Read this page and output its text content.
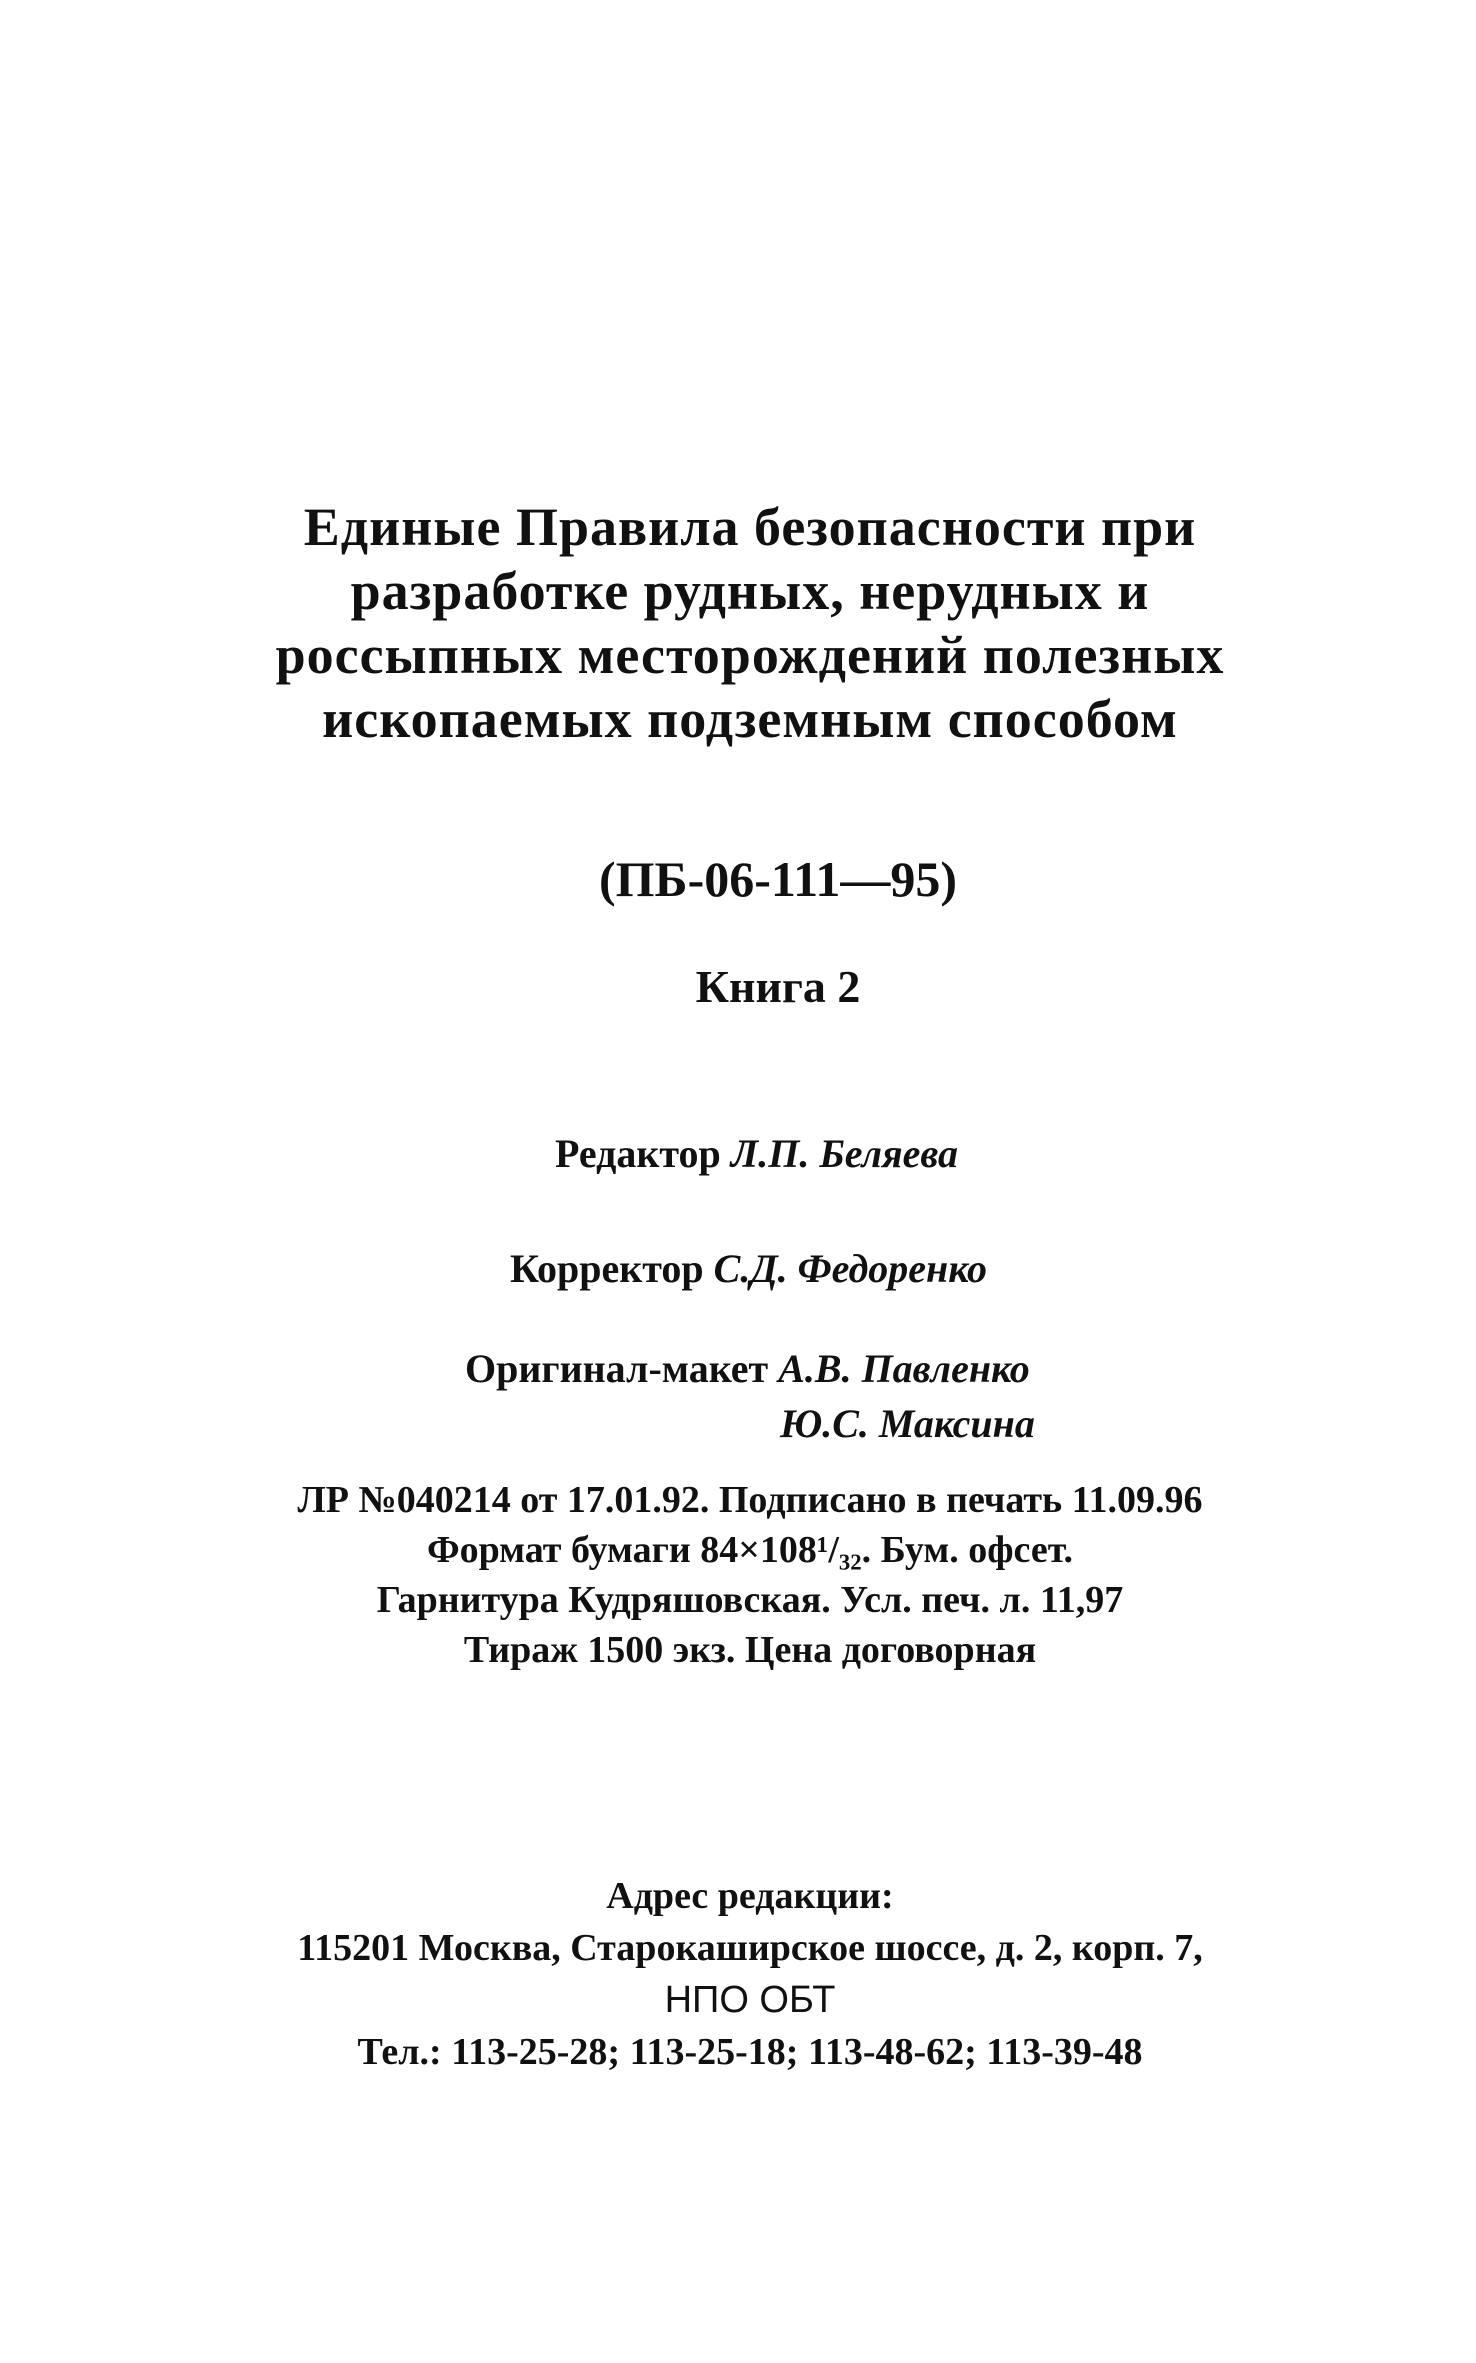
Единые Правила безопасности при
разработке рудных, нерудных и
россыпных месторождений полезных
ископаемых подземным способом
(ПБ-06-111—95)
Книга 2
Редактор Л.П. Беляева
Корректор С.Д. Федоренко
Оригинал-макет А.В. Павленко
Ю.С. Максина
ЛР №040214 от 17.01.92. Подписано в печать 11.09.96
Формат бумаги 84×108¹/₃₂. Бум. офсет.
Гарнитура Кудряшовская. Усл. печ. л. 11,97
Тираж 1500 экз. Цена договорная
Адрес редакции:
115201 Москва, Старокаширское шоссе, д. 2, корп. 7,
НПО ОБТ
Тел.: 113-25-28; 113-25-18; 113-48-62; 113-39-48
